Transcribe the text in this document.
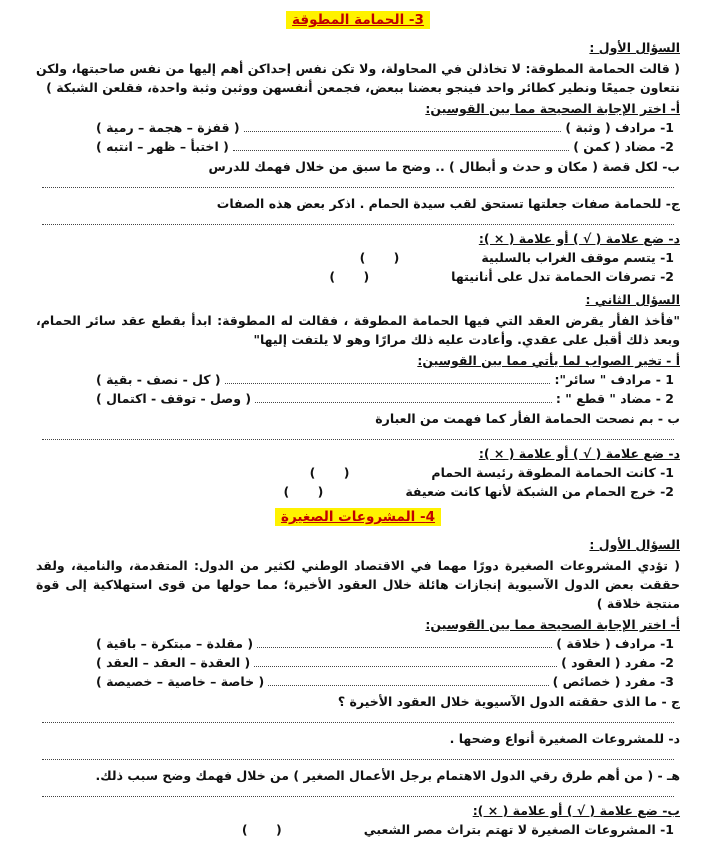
3- الحمامة المطوقة
السؤال الأول :
( قالت الحمامة المطوقة: لا تخاذلن في المحاولة، ولا تكن نفس إحداكن أهم إليها من نفس صاحبتها، ولكن نتعاون جميعًا ونطير كطائر واحد فينجو بعضنا ببعض، فجمعن أنفسهن ووثبن وثبة واحدة، فقلعن الشبكة )
أ- اختر الإجابة الصحيحة مما بين القوسين:
1- مرادف ( وثبة )
( قفزة – هجمة – رمية )
2- مضاد ( كمن )
( اختبأ – ظهر – انتبه )
ب- لكل قصة ( مكان و حدث و أبطال ) .. وضح ما سبق من خلال فهمك للدرس
ج- للحمامة صفات جعلتها تستحق لقب سيدة الحمام . اذكر بعض هذه الصفات
د- ضع علامة ( √ ) أو علامة ( × ):
1- يتسم موقف الغراب بالسلبية
( )
2- تصرفات الحمامة تدل على أنانيتها
( )
السؤال الثاني :
"فأخذ الفأر يقرض العقد التي فيها الحمامة المطوقة ، فقالت له المطوقة: ابدأ بقطع عقد سائر الحمام، وبعد ذلك أقبل على عقدي. وأعادت عليه ذلك مرارًا وهو لا يلتفت إليها"
أ - تخير الصواب لما يأتي مما بين القوسين:
1 - مرادف " سائر":
( كل - نصف - بقية )
2 - مضاد " قطع " :
( وصل - توقف - اكتمال )
ب - بم نصحت الحمامة الفأر كما فهمت من العبارة
د- ضع علامة ( √ ) أو علامة ( × ):
1- كانت الحمامة المطوقة رئيسة الحمام
( )
2- خرج الحمام من الشبكة لأنها كانت ضعيفة
( )
4- المشروعات الصغيرة
السؤال الأول :
( تؤدي المشروعات الصغيرة دورًا مهما في الاقتصاد الوطني لكثير من الدول: المتقدمة، والنامية، ولقد حققت بعض الدول الآسيوية إنجازات هائلة خلال العقود الأخيرة؛ مما حولها من قوى استهلاكية إلى قوة منتجة خلاقة )
أ- اختر الإجابة الصحيحة مما بين القوسين:
1- مرادف ( خلاقة )
( مقلدة – مبتكرة – باقية )
2- مفرد ( العقود )
( العقدة – العقد – العقد )
3- مفرد ( خصائص )
( خاصة – خاصية – خصيصة )
ج - ما الذى حققته الدول الآسيوية خلال العقود الأخيرة ؟
د- للمشروعات الصغيرة أنواع وضحها .
هـ - ( من أهم طرق رقي الدول الاهتمام برجل الأعمال الصغير ) من خلال فهمك وضح سبب ذلك.
ب- ضع علامة ( √ ) أو علامة ( × ):
1- المشروعات الصغيرة لا تهتم بتراث مصر الشعبي
( )
